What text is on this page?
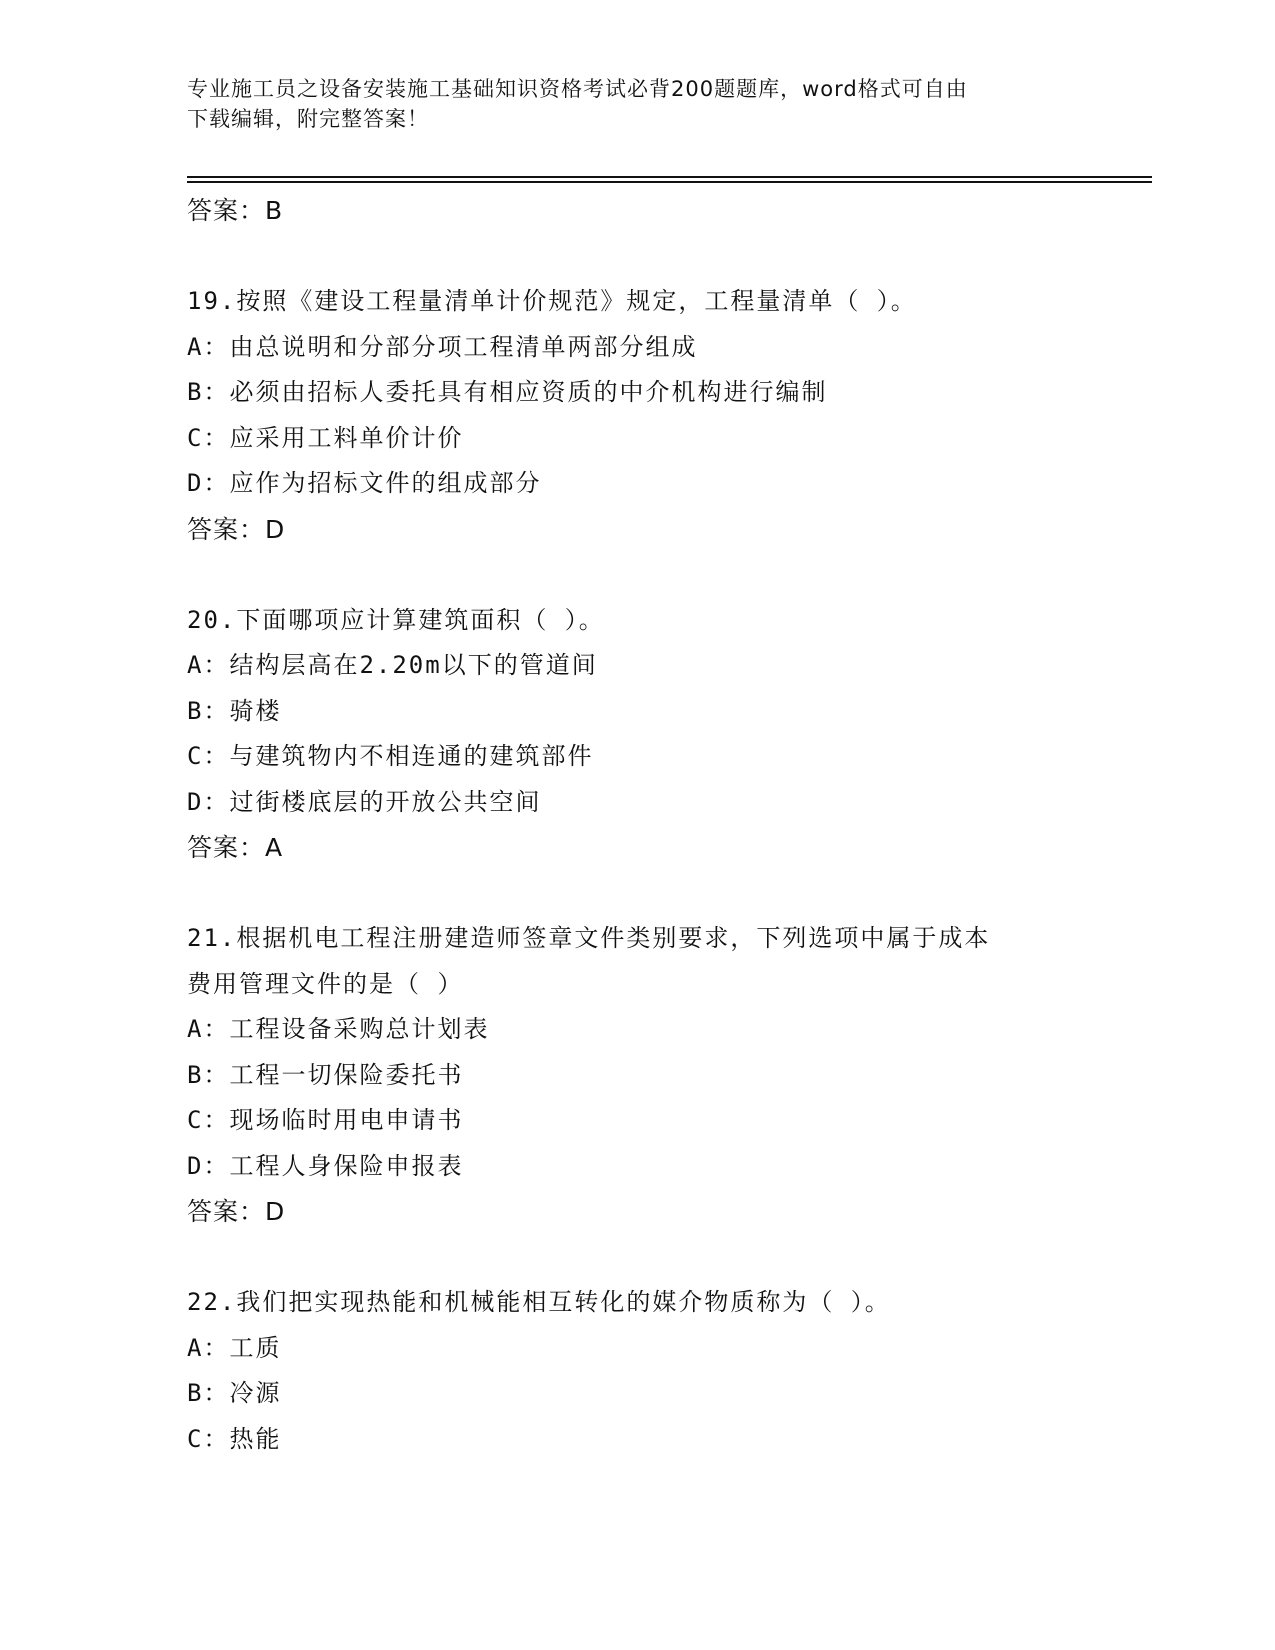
专业施工员之设备安装施工基础知识资格考试必背200题题库，word格式可自由
下载编辑，附完整答案！
答案：B
19.按照《建设工程量清单计价规范》规定，工程量清单（ ）。
A：由总说明和分部分项工程清单两部分组成
B：必须由招标人委托具有相应资质的中介机构进行编制
C：应采用工料单价计价
D：应作为招标文件的组成部分
答案：D
20.下面哪项应计算建筑面积（ ）。
A：结构层高在2.20m以下的管道间
B：骑楼
C：与建筑物内不相连通的建筑部件
D：过街楼底层的开放公共空间
答案：A
21.根据机电工程注册建造师签章文件类别要求，下列选项中属于成本
费用管理文件的是（ ）
A：工程设备采购总计划表
B：工程一切保险委托书
C：现场临时用电申请书
D：工程人身保险申报表
答案：D
22.我们把实现热能和机械能相互转化的媒介物质称为（ ）。
A：工质
B：冷源
C：热能
